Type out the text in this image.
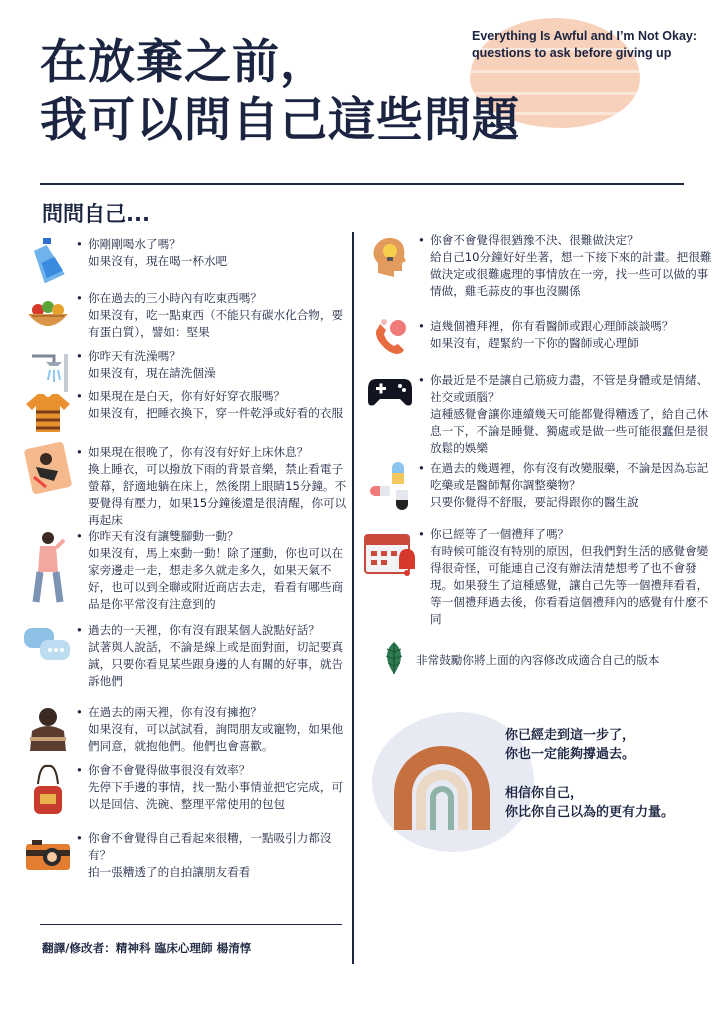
Everything Is Awful and I’m Not Okay:
questions to ask before giving up
在放棄之前，
我可以問自己這些問題
問問自己...
• 你剛剛喝水了嗎？
如果沒有，現在喝一杯水吧
• 你在過去的三小時內有吃東西嗎？
如果沒有，吃一點東西（不能只有碳水化合物，要有蛋白質），譬如：堅果
• 你昨天有洗澡嗎？
如果沒有，現在請洗個澡
• 如果現在是白天，你有好好穿衣服嗎？
如果沒有，把睡衣換下，穿一件乾淨或好看的衣服
• 如果現在很晚了，你有沒有好好上床休息？
換上睡衣，可以撥放下雨的背景音樂，禁止看電子螢幕，舒適地躺在床上，然後閉上眼睛15分鐘。不要覺得有壓力，如果15分鐘後還是很清醒，你可以再起床
• 你昨天有沒有讓雙腳動一動？
如果沒有，馬上來動一動！除了運動，你也可以在家旁邊走一走，想走多久就走多久，如果天氣不好，也可以到全聯或附近商店去走，看看有哪些商品是你平常沒有注意到的
• 過去的一天裡，你有沒有跟某個人說點好話？
試著與人說話，不論是線上或是面對面，切記要真誠，只要你看見某些跟身邊的人有關的好事，就告訴他們
• 在過去的兩天裡，你有沒有擁抱？
如果沒有，可以試試看，詢問朋友或寵物，如果他們同意，就抱他們。他們也會喜歡。
• 你會不會覺得做事很沒有效率？
先停下手邊的事情，找一點小事情並把它完成，可以是回信、洗碗、整理平常使用的包包
• 你會不會覺得自己看起來很糟，一點吸引力都沒有？
拍一張糟透了的自拍讓朋友看看
• 你會不會覺得很猶豫不決、很難做決定？
給自己10分鐘好好坐著，想一下接下來的計畫。把很難做決定或很難處理的事情放在一旁，找一些可以做的事情做，雞毛蒜皮的事也沒關係
• 這幾個禮拜裡，你有看醫師或跟心理師談談嗎？
如果沒有，趕緊約一下你的醫師或心理師
• 你最近是不是讓自己筋疲力盡，不管是身體或是情緒、社交或頭腦？
這種感覺會讓你連續幾天可能都覺得糟透了，給自己休息一下，不論是睡覺、獨處或是做一些可能很蠢但是很放鬆的娛樂
• 在過去的幾週裡，你有沒有改變服藥，不論是因為忘記吃藥或是醫師幫你調整藥物？
只要你覺得不舒服，要記得跟你的醫生說
• 你已經等了一個禮拜了嗎？
有時候可能沒有特別的原因，但我們對生活的感覺會變得很奇怪，可能連自己沒有辦法清楚想考了也不會發現。如果發生了這種感覺，讓自己先等一個禮拜看看，等一個禮拜過去後，你看看這個禮拜內的感覺有什麼不同
非常鼓勵你將上面的內容修改成適合自己的版本
你已經走到這一步了，
你也一定能夠撐過去。
相信你自己，
你比你自己以為的更有力量。
翻譯/修改者：精神科 臨床心理師 楊淯惇
